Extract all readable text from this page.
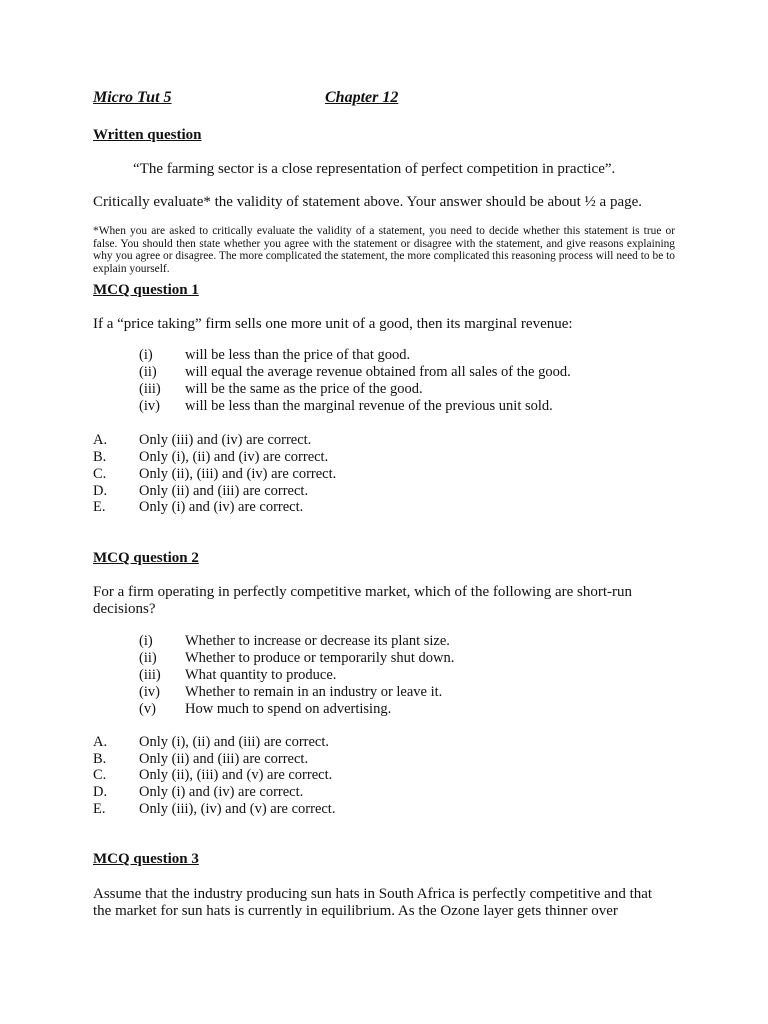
Micro Tut 5	Chapter 12
Written question
“The farming sector is a close representation of perfect competition in practice”.
Critically evaluate* the validity of statement above. Your answer should be about ½ a page.
*When you are asked to critically evaluate the validity of a statement, you need to decide whether this statement is true or false. You should then state whether you agree with the statement or disagree with the statement, and give reasons explaining why you agree or disagree. The more complicated the statement, the more complicated this reasoning process will need to be to explain yourself.
MCQ question 1
If a “price taking” firm sells one more unit of a good, then its marginal revenue:
(i) will be less than the price of that good.
(ii) will equal the average revenue obtained from all sales of the good.
(iii) will be the same as the price of the good.
(iv) will be less than the marginal revenue of the previous unit sold.
A. Only (iii) and (iv) are correct.
B. Only (i), (ii) and (iv) are correct.
C. Only (ii), (iii) and (iv) are correct.
D. Only (ii) and (iii) are correct.
E. Only (i) and (iv) are correct.
MCQ question 2
For a firm operating in perfectly competitive market, which of the following are short-run
decisions?
(i) Whether to increase or decrease its plant size.
(ii) Whether to produce or temporarily shut down.
(iii) What quantity to produce.
(iv) Whether to remain in an industry or leave it.
(v) How much to spend on advertising.
A. Only (i), (ii) and (iii) are correct.
B. Only (ii) and (iii) are correct.
C. Only (ii), (iii) and (v) are correct.
D. Only (i) and (iv) are correct.
E. Only (iii), (iv) and (v) are correct.
MCQ question 3
Assume that the industry producing sun hats in South Africa is perfectly competitive and that
the market for sun hats is currently in equilibrium. As the Ozone layer gets thinner over
